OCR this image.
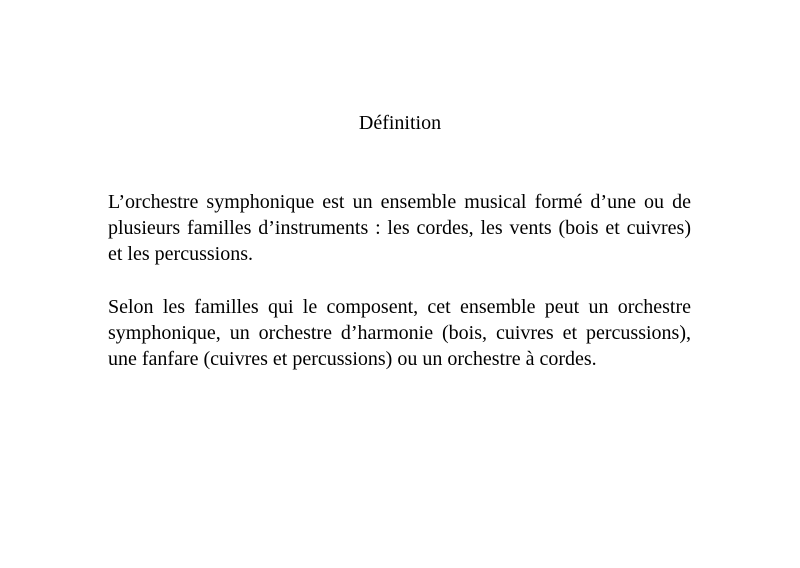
Définition

L’orchestre symphonique est un ensemble musical formé d’une ou de plusieurs familles d’instruments : les cordes, les vents (bois et cuivres) et les percussions.

Selon les familles qui le composent, cet ensemble peut un orchestre symphonique, un orchestre d’harmonie (bois, cuivres et percussions), une fanfare (cuivres et percussions) ou un orchestre à cordes.
